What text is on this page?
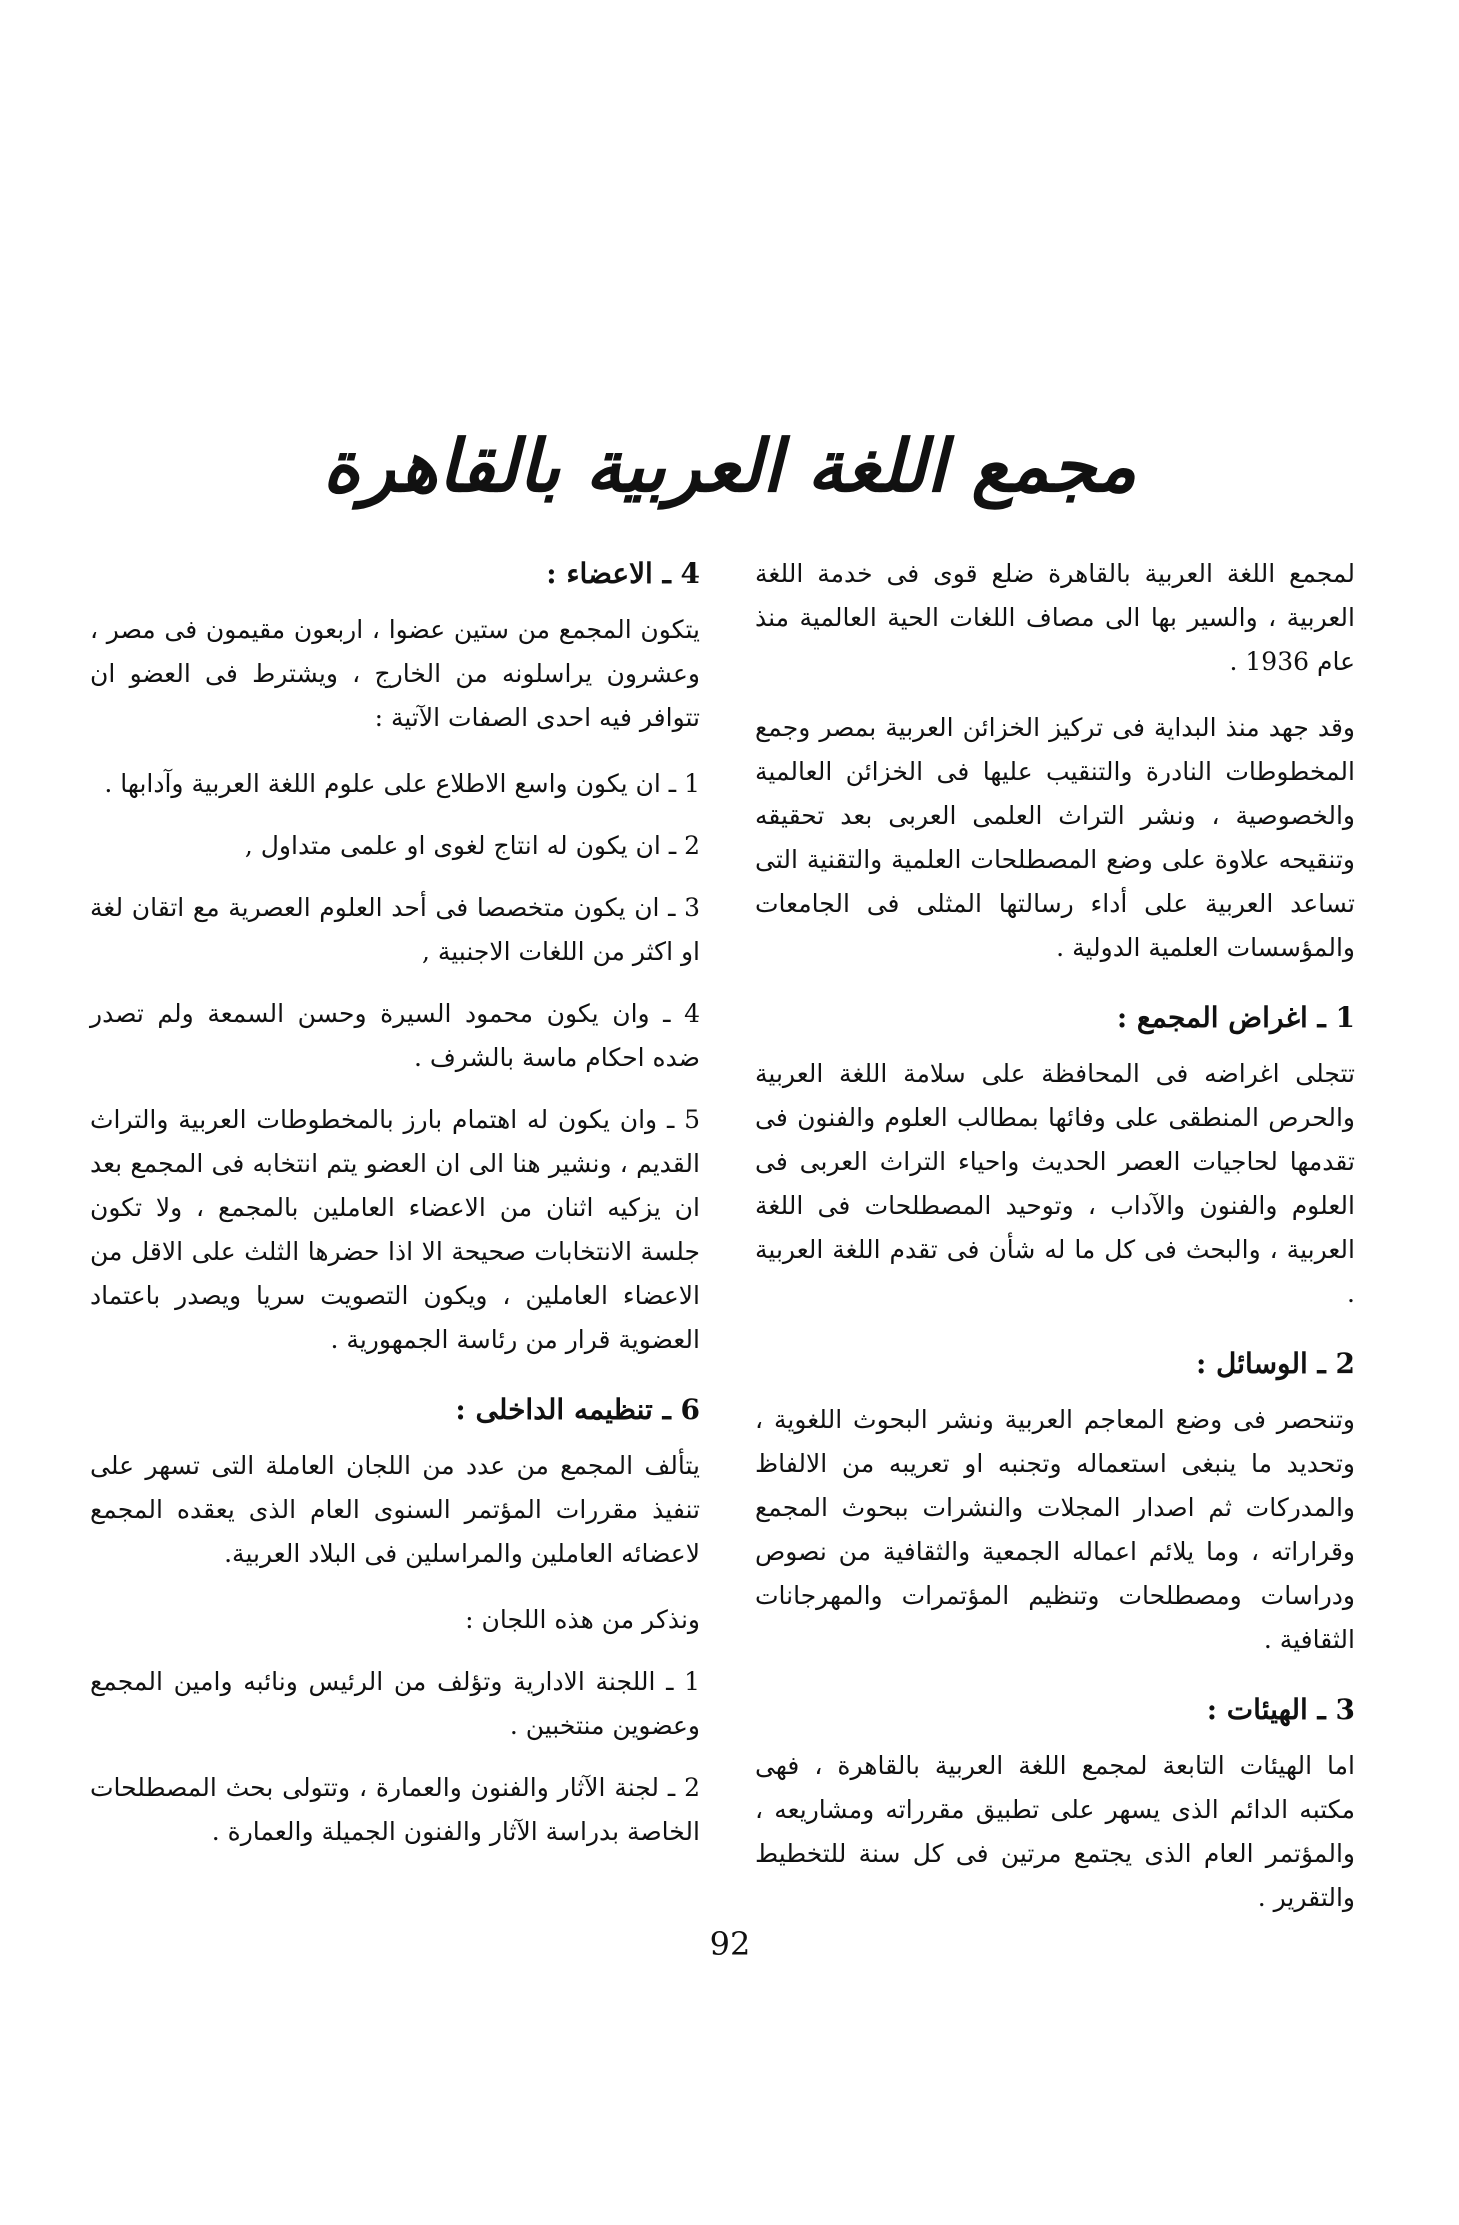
مجمع اللغة العربية بالقاهرة

لمجمع اللغة العربية بالقاهرة ضلع قوى فى خدمة اللغة العربية ، والسير بها الى مصاف اللغات الحية العالمية منذ عام 1936 .

وقد جهد منذ البداية فى تركيز الخزائن العربية بمصر وجمع المخطوطات النادرة والتنقيب عليها فى الخزائن العالمية والخصوصية ، ونشر التراث العلمى العربى بعد تحقيقه وتنقيحه علاوة على وضع المصطلحات العلمية والتقنية التى تساعد العربية على أداء رسالتها المثلى فى الجامعات والمؤسسات العلمية الدولية .

1 ـ اغراض المجمع :

تتجلى اغراضه فى المحافظة على سلامة اللغة العربية والحرص المنطقى على وفائها بمطالب العلوم والفنون فى تقدمها لحاجيات العصر الحديث واحياء التراث العربى فى العلوم والفنون والآداب ، وتوحيد المصطلحات فى اللغة العربية ، والبحث فى كل ما له شأن فى تقدم اللغة العربية .

2 ـ الوسائل :

وتنحصر فى وضع المعاجم العربية ونشر البحوث اللغوية ، وتحديد ما ينبغى استعماله وتجنبه او تعريبه من الالفاظ والمدركات ثم اصدار المجلات والنشرات ببحوث المجمع وقراراته ، وما يلائم اعماله الجمعية والثقافية من نصوص ودراسات ومصطلحات وتنظيم المؤتمرات والمهرجانات الثقافية .

3 ـ الهيئات :

اما الهيئات التابعة لمجمع اللغة العربية بالقاهرة ، فهى مكتبه الدائم الذى يسهر على تطبيق مقرراته ومشاريعه ، والمؤتمر العام الذى يجتمع مرتين فى كل سنة للتخطيط والتقرير .

4 ـ الاعضاء :

يتكون المجمع من ستين عضوا ، اربعون مقيمون فى مصر ، وعشرون يراسلونه من الخارج ، ويشترط فى العضو ان تتوافر فيه احدى الصفات الآتية :

1 ـ ان يكون واسع الاطلاع على علوم اللغة العربية وآدابها .

2 ـ ان يكون له انتاج لغوى او علمى متداول ,

3 ـ ان يكون متخصصا فى أحد العلوم العصرية مع اتقان لغة او اكثر من اللغات الاجنبية ,

4 ـ وان يكون محمود السيرة وحسن السمعة ولم تصدر ضده احكام ماسة بالشرف .

5 ـ وان يكون له اهتمام بارز بالمخطوطات العربية والتراث القديم ، ونشير هنا الى ان العضو يتم انتخابه فى المجمع بعد ان يزكيه اثنان من الاعضاء العاملين بالمجمع ، ولا تكون جلسة الانتخابات صحيحة الا اذا حضرها الثلث على الاقل من الاعضاء العاملين ، ويكون التصويت سريا ويصدر باعتماد العضوية قرار من رئاسة الجمهورية .

6 ـ تنظيمه الداخلى :

يتألف المجمع من عدد من اللجان العاملة التى تسهر على تنفيذ مقررات المؤتمر السنوى العام الذى يعقده المجمع لاعضائه العاملين والمراسلين فى البلاد العربية.

ونذكر من هذه اللجان :

1 ـ اللجنة الادارية وتؤلف من الرئيس ونائبه وامين المجمع وعضوين منتخبين .

2 ـ لجنة الآثار والفنون والعمارة ، وتتولى بحث المصطلحات الخاصة بدراسة الآثار والفنون الجميلة والعمارة .

92
